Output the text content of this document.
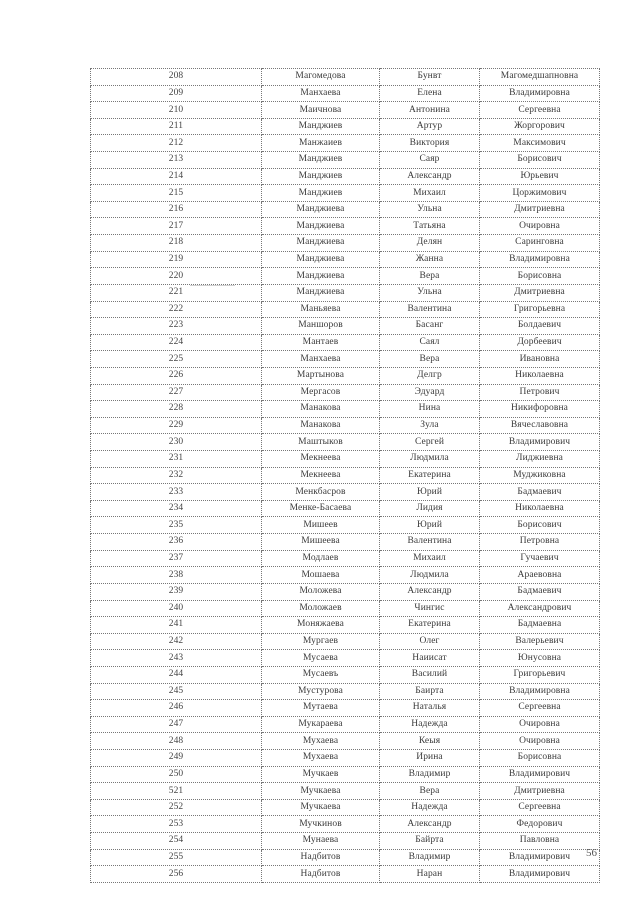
208	Магомедова	Бунвт	Магомедшапновна
209	Манхаева	Елена	Владимировна
210	Маичнова	Антонина	Сергеевна
211	Манджиев	Артур	Жоргорович
212	Манжаиев	Виктория	Максимович
213	Манджиев	Саяр	Борисович
214	Манджиев	Александр	Юрьевич
215	Манджиев	Михаил	Цоржимович
216	Манджиева	Ульна	Дмитриевна
217	Манджиева	Татьяна	Очировна
218	Манджиева	Делян	Саринговна
219	Манджиева	Жанна	Владимировна
220	Манджиева	Вера	Борисовна
221	Манджиева	Ульна	Дмитриевна
222	Маньяева	Валентина	Григорьевна
223	Маншоров	Басанг	Болдаевич
224	Мантаев	Саял	Дорбеевич
225	Манхаева	Вера	Ивановна
226	Мартынова	Делгр	Николаевна
227	Мергасов	Эдуард	Петрович
228	Манакова	Нина	Никифоровна
229	Манакова	Зула	Вячеславовна
230	Маштыков	Сергей	Владимирович
231	Мекнеева	Людмила	Лиджиевна
232	Мекнеева	Екатерина	Муджиковна
233	Менкбасров	Юрий	Бадмаевич
234	Менке-Басаева	Лидия	Николаевна
235	Мишеев	Юрий	Борисович
236	Мишеева	Валентина	Петровна
237	Модлаев	Михаил	Гучаевич
238	Мошаева	Людмила	Араевовна
239	Моложева	Александр	Бадмаевич
240	Моложаев	Чингис	Александрович
241	Моняжаева	Екатерина	Бадмаевна
242	Мургаев	Олег	Валерьевич
243	Мусаева	Наиисат	Юнусовна
244	Мусаевъ	Василий	Григорьевич
245	Мустурова	Баирта	Владимировна
246	Мутаева	Наталья	Сергеевна
247	Мукараева	Надежда	Очировна
248	Мухаева	Кеыя	Очировна
249	Мухаева	Ирина	Борисовна
250	Мучкаев	Владимир	Владимирович
521	Мучкаева	Вера	Дмитриевна
252	Мучкаева	Надежда	Сергеевна
253	Мучкинов	Александр	Федорович
254	Мунаева	Байрта	Павловна
255	Надбитов	Владимир	Владимирович
256	Надбитов	Наран	Владимирович
56
